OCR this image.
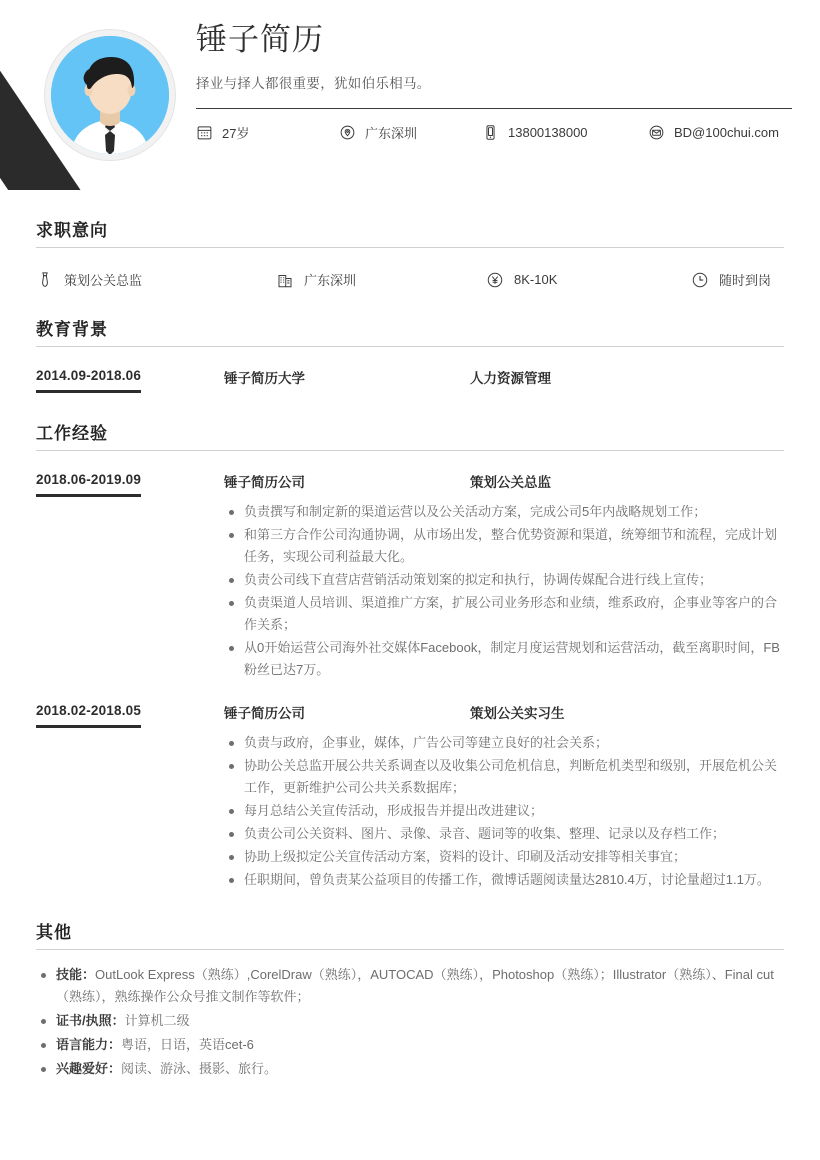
锤子简历
择业与择人都很重要，犹如伯乐相马。
27岁	广东深圳	13800138000	BD@100chui.com
求职意向
策划公关总监	广东深圳	8K-10K	随时到岗
教育背景
2014.09-2018.06	锤子简历大学	人力资源管理
工作经验
2018.06-2019.09	锤子简历公司	策划公关总监
负责撰写和制定新的渠道运营以及公关活动方案，完成公司5年内战略规划工作；
和第三方合作公司沟通协调，从市场出发，整合优势资源和渠道，统筹细节和流程，完成计划任务，实现公司利益最大化。
负责公司线下直营店营销活动策划案的拟定和执行，协调传媒配合进行线上宣传；
负责渠道人员培训、渠道推广方案，扩展公司业务形态和业绩，维系政府，企事业等客户的合作关系；
从0开始运营公司海外社交媒体Facebook，制定月度运营规划和运营活动，截至离职时间，FB粉丝已达7万。
2018.02-2018.05	锤子简历公司	策划公关实习生
负责与政府，企事业，媒体，广告公司等建立良好的社会关系；
协助公关总监开展公共关系调查以及收集公司危机信息，判断危机类型和级别，开展危机公关工作，更新维护公司公共关系数据库；
每月总结公关宣传活动，形成报告并提出改进建议；
负责公司公关资料、图片、录像、录音、题词等的收集、整理、记录以及存档工作；
协助上级拟定公关宣传活动方案，资料的设计、印刷及活动安排等相关事宜；
任职期间，曾负责某公益项目的传播工作，微博话题阅读量达2810.4万，讨论量超过1.1万。
其他
技能：OutLook Express（熟练）,CorelDraw（熟练），AUTOCAD（熟练），Photoshop（熟练）；Illustrator（熟练）、Final cut（熟练），熟练操作公众号推文制作等软件；
证书/执照：计算机二级
语言能力：粤语，日语，英语cet-6
兴趣爱好：阅读、游泳、摄影、旅行。
